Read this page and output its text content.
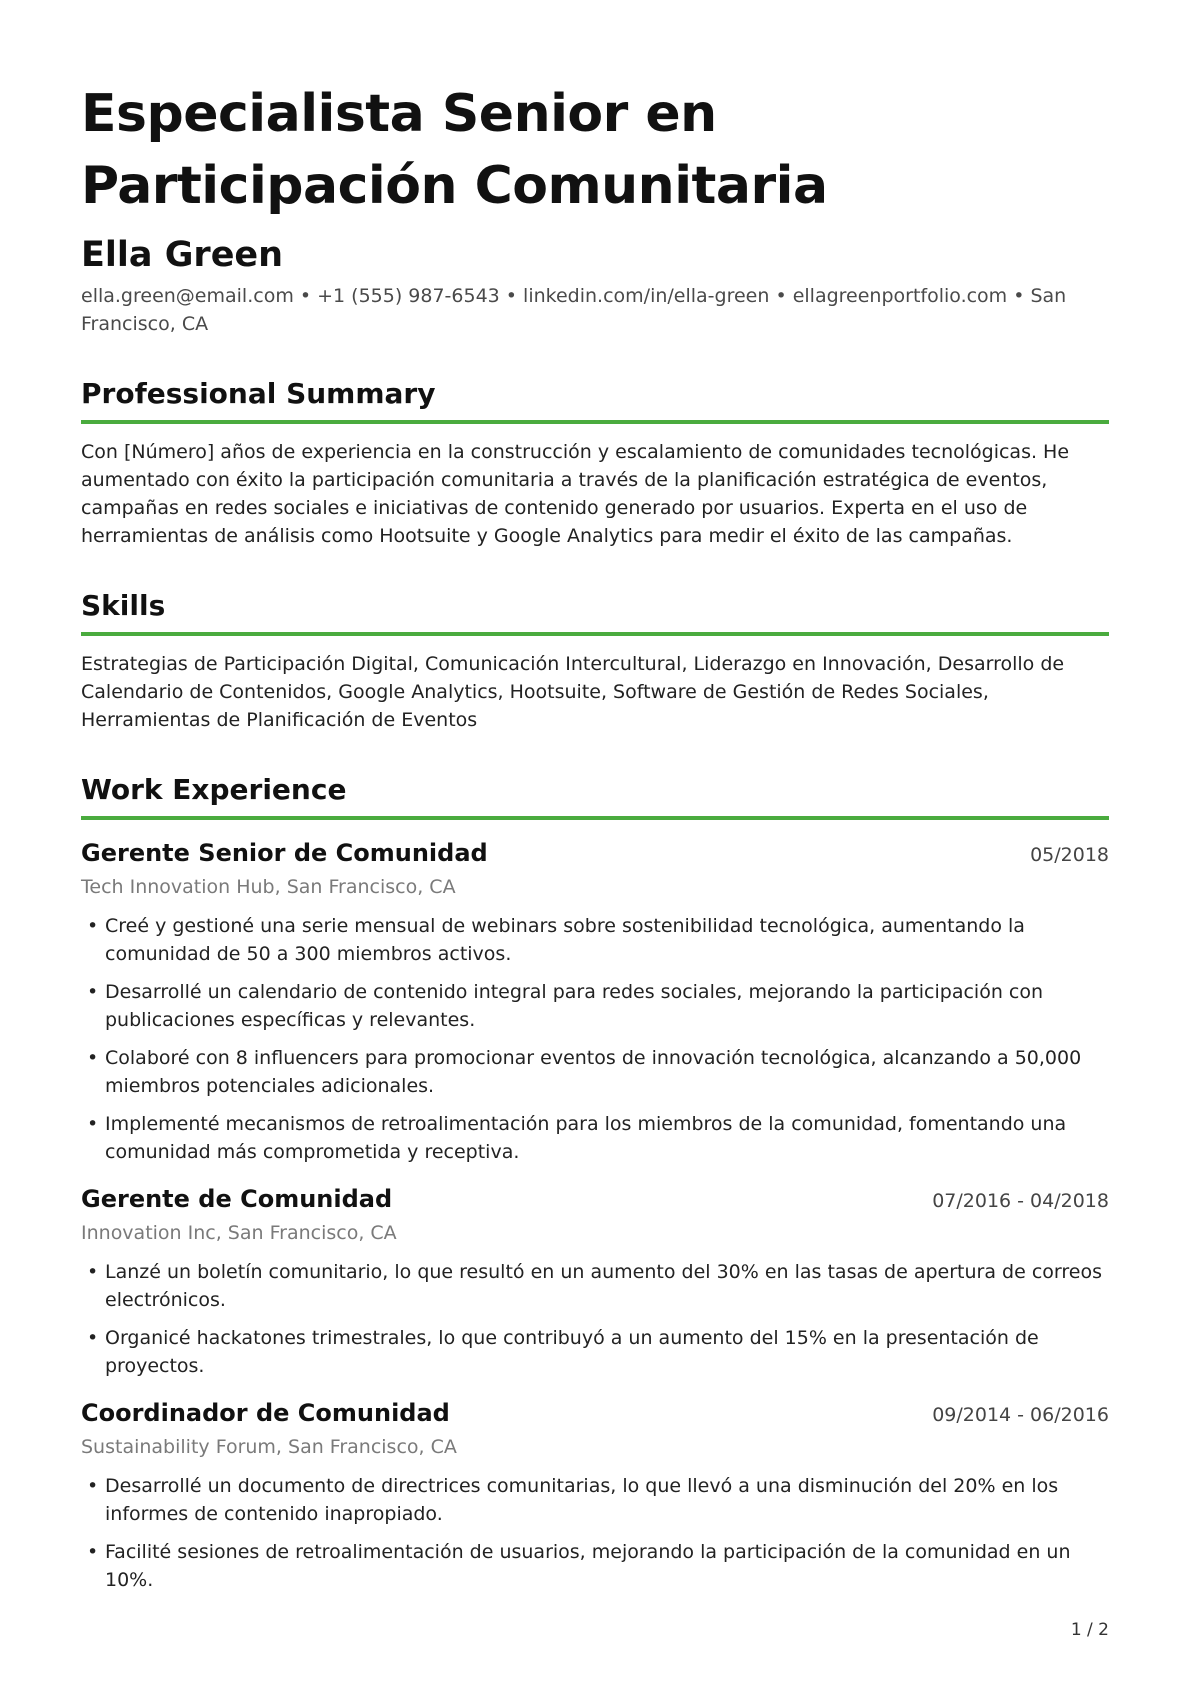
Especialista Senior en Participación Comunitaria
Ella Green

ella.green@email.com • +1 (555) 987-6543 • linkedin.com/in/ella-green • ellagreenportfolio.com • San Francisco, CA

Professional Summary

Con [Número] años de experiencia en la construcción y escalamiento de comunidades tecnológicas. He aumentado con éxito la participación comunitaria a través de la planificación estratégica de eventos, campañas en redes sociales e iniciativas de contenido generado por usuarios. Experta en el uso de herramientas de análisis como Hootsuite y Google Analytics para medir el éxito de las campañas.

Skills

Estrategias de Participación Digital, Comunicación Intercultural, Liderazgo en Innovación, Desarrollo de Calendario de Contenidos, Google Analytics, Hootsuite, Software de Gestión de Redes Sociales, Herramientas de Planificación de Eventos

Work Experience
Gerente Senior de Comunidad	05/2018
Tech Innovation Hub, San Francisco, CA
• Creé y gestioné una serie mensual de webinars sobre sostenibilidad tecnológica, aumentando la comunidad de 50 a 300 miembros activos.
• Desarrollé un calendario de contenido integral para redes sociales, mejorando la participación con publicaciones específicas y relevantes.
• Colaboré con 8 influencers para promocionar eventos de innovación tecnológica, alcanzando a 50,000 miembros potenciales adicionales.
• Implementé mecanismos de retroalimentación para los miembros de la comunidad, fomentando una comunidad más comprometida y receptiva.
Gerente de Comunidad	07/2016 - 04/2018
Innovation Inc, San Francisco, CA
• Lanzé un boletín comunitario, lo que resultó en un aumento del 30% en las tasas de apertura de correos electrónicos.
• Organicé hackatones trimestrales, lo que contribuyó a un aumento del 15% en la presentación de proyectos.
Coordinador de Comunidad	09/2014 - 06/2016
Sustainability Forum, San Francisco, CA
• Desarrollé un documento de directrices comunitarias, lo que llevó a una disminución del 20% en los informes de contenido inapropiado.
• Facilité sesiones de retroalimentación de usuarios, mejorando la participación de la comunidad en un 10%.
1 / 2
